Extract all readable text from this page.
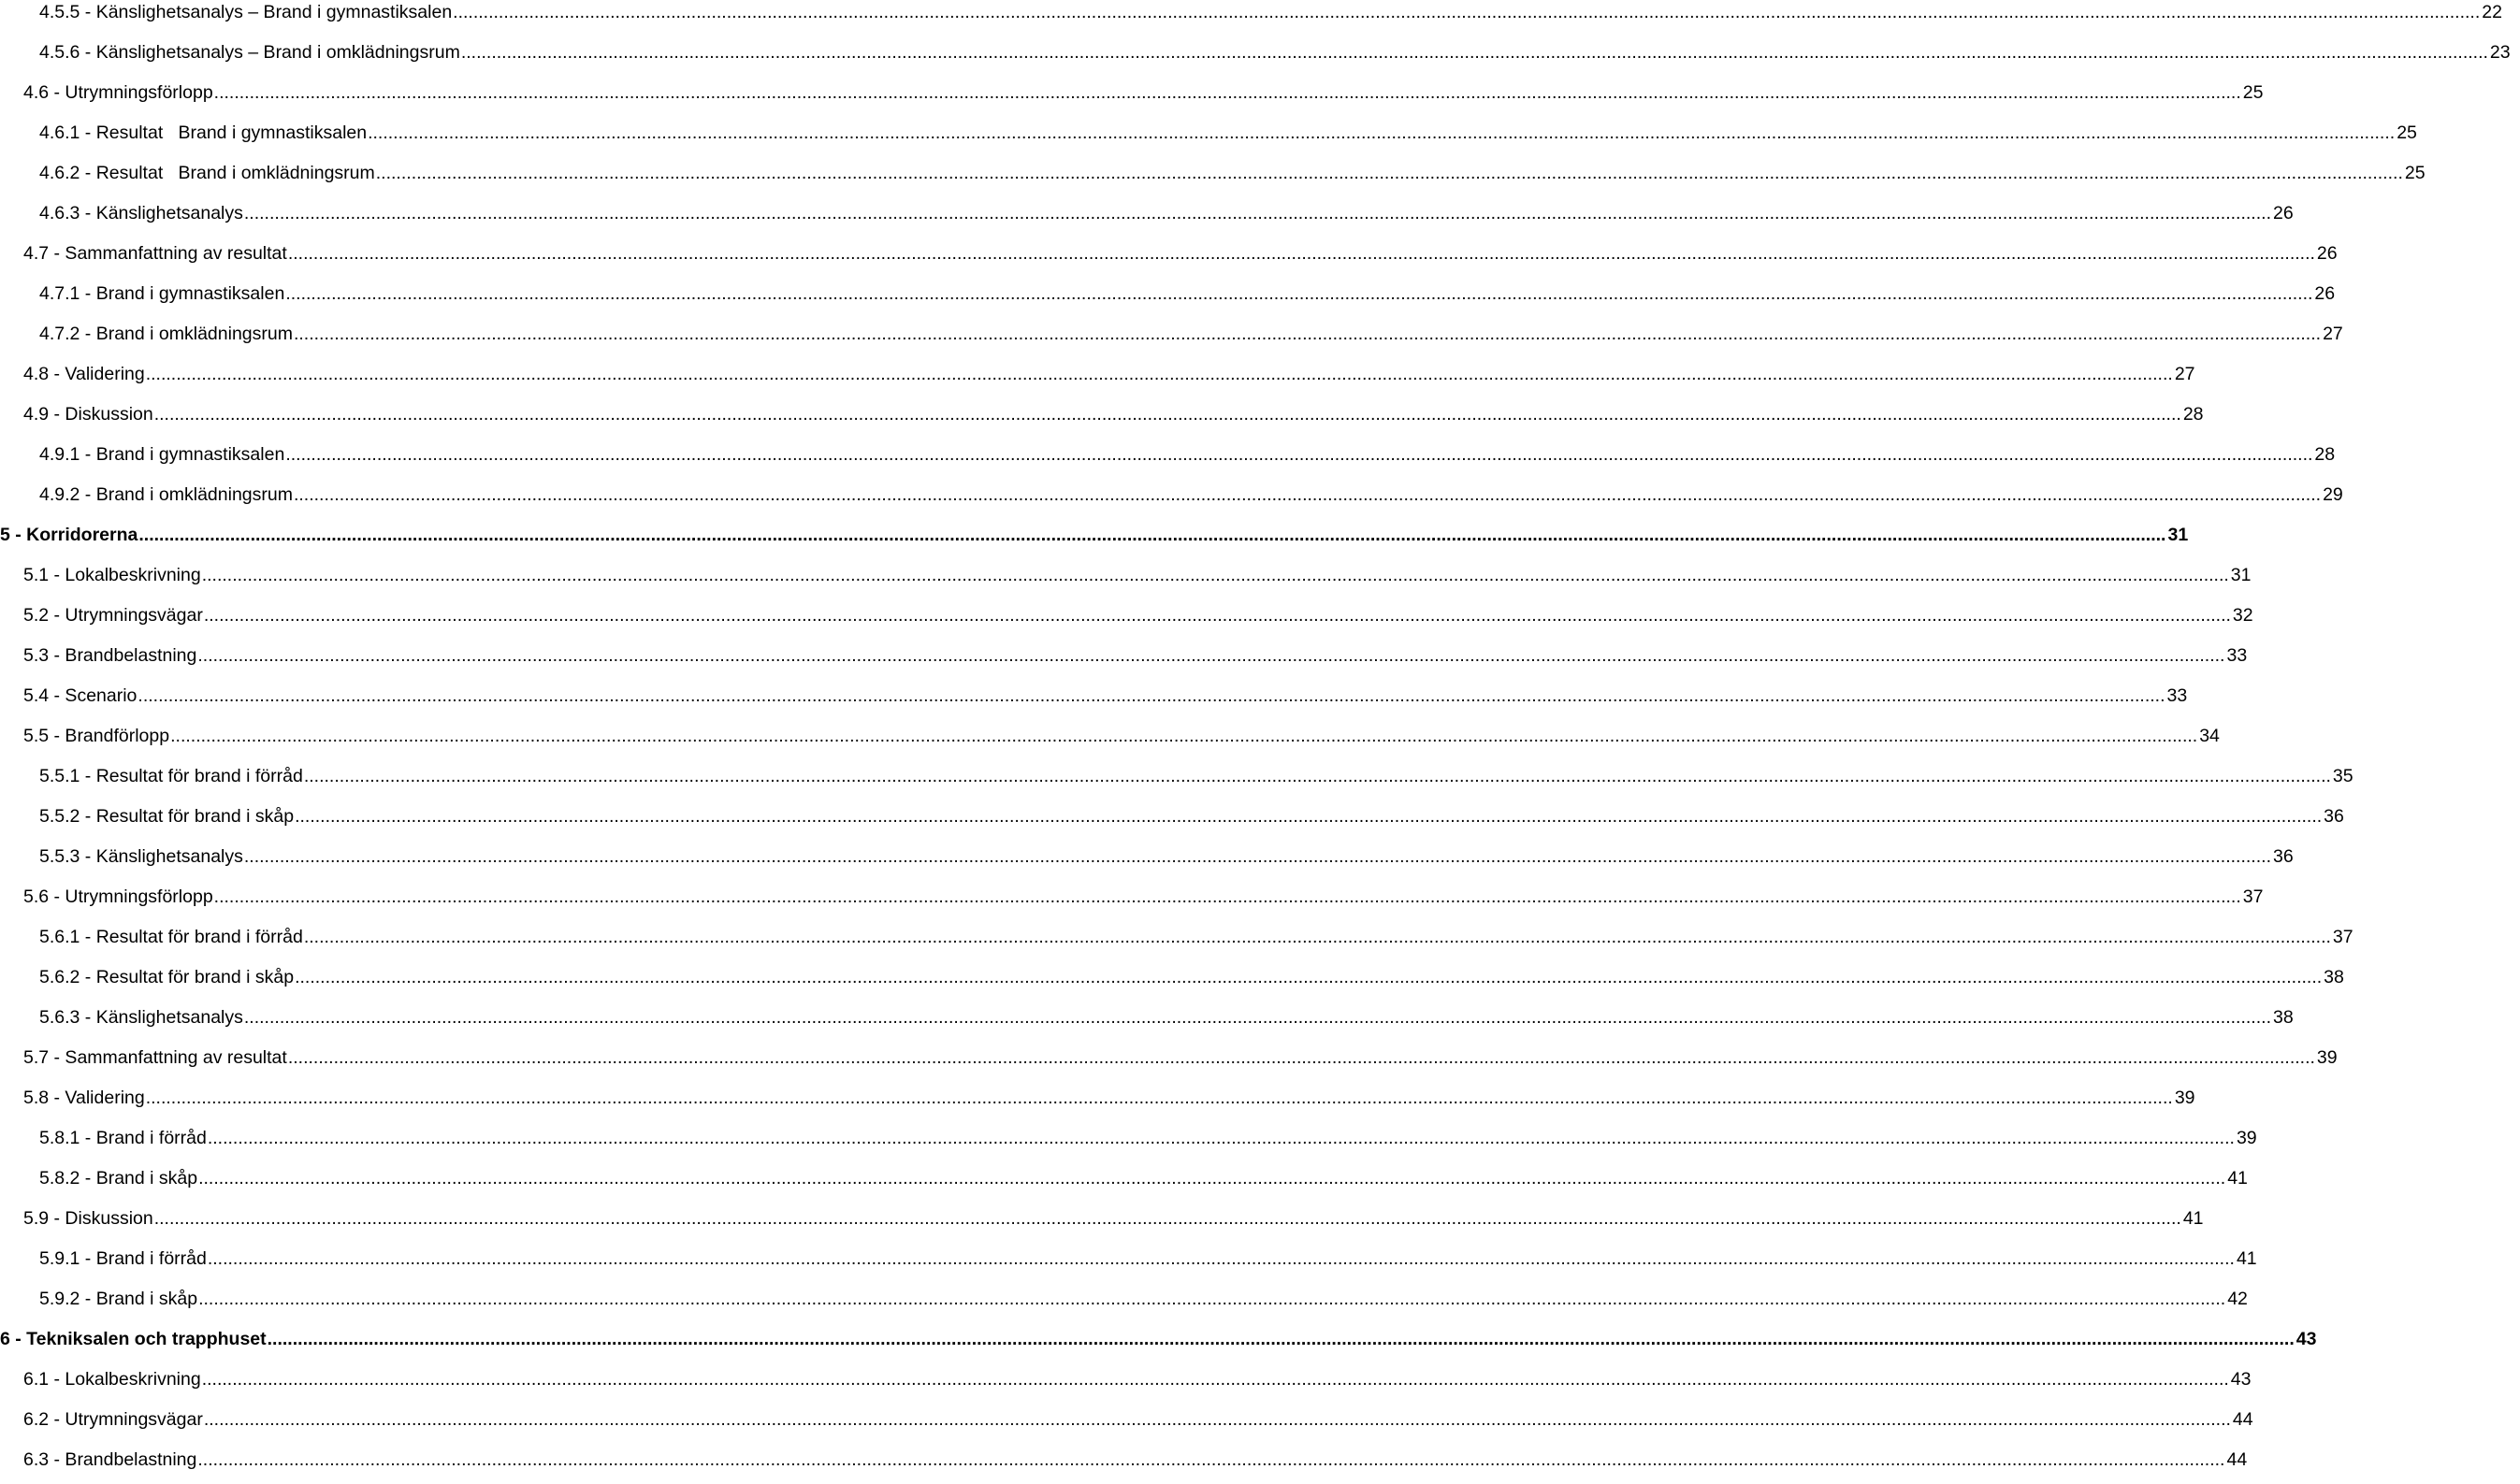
4.5.5 - Känslighetsanalys – Brand i gymnastiksalen ................................................................................................................................................................................................................................................................................................................................................................................................................ 22
4.5.6 - Känslighetsanalys – Brand i omklädningsrum ................................................................................................................................................................................................................................................................................................................................................................................................................ 23
4.6 - Utrymningsförlopp ................................................................................................................................................................................................................................................................................................................................................................................................................ 25
4.6.1 - Resultat   Brand i gymnastiksalen ................................................................................................................................................................................................................................................................................................................................................................................................................ 25
4.6.2 - Resultat   Brand i omklädningsrum ................................................................................................................................................................................................................................................................................................................................................................................................................ 25
4.6.3 - Känslighetsanalys ................................................................................................................................................................................................................................................................................................................................................................................................................ 26
4.7 - Sammanfattning av resultat ................................................................................................................................................................................................................................................................................................................................................................................................................ 26
4.7.1 - Brand i gymnastiksalen ................................................................................................................................................................................................................................................................................................................................................................................................................ 26
4.7.2 - Brand i omklädningsrum ................................................................................................................................................................................................................................................................................................................................................................................................................ 27
4.8 - Validering ................................................................................................................................................................................................................................................................................................................................................................................................................ 27
4.9 - Diskussion ................................................................................................................................................................................................................................................................................................................................................................................................................ 28
4.9.1 - Brand i gymnastiksalen ................................................................................................................................................................................................................................................................................................................................................................................................................ 28
4.9.2 - Brand i omklädningsrum ................................................................................................................................................................................................................................................................................................................................................................................................................ 29
5 - Korridorerna ................................................................................................................................................................................................................................................................................................................................................................................................................ 31
5.1 - Lokalbeskrivning ................................................................................................................................................................................................................................................................................................................................................................................................................ 31
5.2 - Utrymningsvägar ................................................................................................................................................................................................................................................................................................................................................................................................................ 32
5.3 - Brandbelastning ................................................................................................................................................................................................................................................................................................................................................................................................................ 33
5.4 - Scenario ................................................................................................................................................................................................................................................................................................................................................................................................................ 33
5.5 - Brandförlopp ................................................................................................................................................................................................................................................................................................................................................................................................................ 34
5.5.1 - Resultat för brand i förråd ................................................................................................................................................................................................................................................................................................................................................................................................................ 35
5.5.2 - Resultat för brand i skåp ................................................................................................................................................................................................................................................................................................................................................................................................................ 36
5.5.3 - Känslighetsanalys ................................................................................................................................................................................................................................................................................................................................................................................................................ 36
5.6 - Utrymningsförlopp ................................................................................................................................................................................................................................................................................................................................................................................................................ 37
5.6.1 - Resultat för brand i förråd ................................................................................................................................................................................................................................................................................................................................................................................................................ 37
5.6.2 - Resultat för brand i skåp ................................................................................................................................................................................................................................................................................................................................................................................................................ 38
5.6.3 - Känslighetsanalys ................................................................................................................................................................................................................................................................................................................................................................................................................ 38
5.7 - Sammanfattning av resultat ................................................................................................................................................................................................................................................................................................................................................................................................................ 39
5.8 - Validering ................................................................................................................................................................................................................................................................................................................................................................................................................ 39
5.8.1 - Brand i förråd ................................................................................................................................................................................................................................................................................................................................................................................................................ 39
5.8.2 - Brand i skåp ................................................................................................................................................................................................................................................................................................................................................................................................................ 41
5.9 - Diskussion ................................................................................................................................................................................................................................................................................................................................................................................................................ 41
5.9.1 - Brand i förråd ................................................................................................................................................................................................................................................................................................................................................................................................................ 41
5.9.2 - Brand i skåp ................................................................................................................................................................................................................................................................................................................................................................................................................ 42
6 - Tekniksalen och trapphuset ................................................................................................................................................................................................................................................................................................................................................................................................................ 43
6.1 - Lokalbeskrivning ................................................................................................................................................................................................................................................................................................................................................................................................................ 43
6.2 - Utrymningsvägar ................................................................................................................................................................................................................................................................................................................................................................................................................ 44
6.3 - Brandbelastning ................................................................................................................................................................................................................................................................................................................................................................................................................ 44
